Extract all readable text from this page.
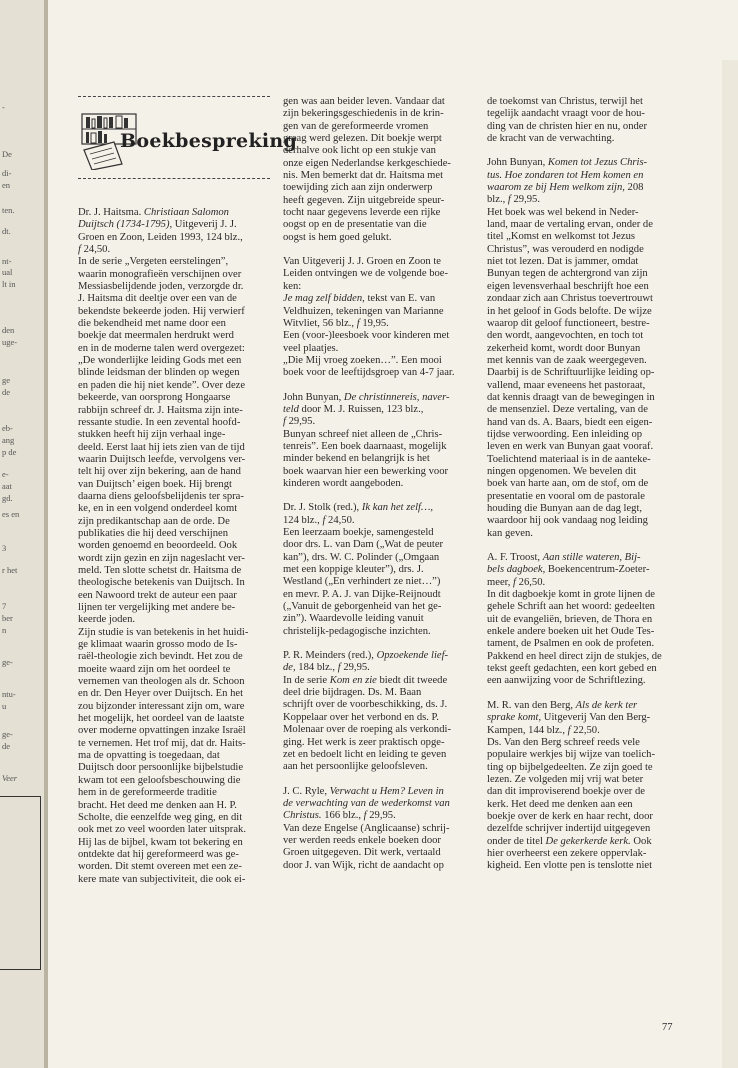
-
De
di-
en
ten.
dt.
nt-
ual
lt in
den
uge-
ge
de
eb-
ang
p de
e-
aat
gd.
es en
3
r het
7
ber
n
ge-
ntu-
u
ge-
de
Veer
Boekbespreking

Dr. J. Haitsma. Christiaan Salomon
Duijtsch (1734-1795), Uitgeverij J. J.
Groen en Zoon, Leiden 1993, 124 blz.,
f 24,50.
In de serie „Vergeten eerstelingen”,
waarin monografieën verschijnen over
Messiasbelijdende joden, verzorgde dr.
J. Haitsma dit deeltje over een van de
bekendste bekeerde joden. Hij verwierf
die bekendheid met name door een
boekje dat meermalen herdrukt werd
en in de moderne talen werd overgezet:
„De wonderlijke leiding Gods met een
blinde leidsman der blinden op wegen
en paden die hij niet kende”. Over deze
bekeerde, van oorsprong Hongaarse
rabbijn schreef dr. J. Haitsma zijn inte-
ressante studie. In een zevental hoofd-
stukken heeft hij zijn verhaal inge-
deeld. Eerst laat hij iets zien van de tijd
waarin Duijtsch leefde, vervolgens ver-
telt hij over zijn bekering, aan de hand
van Duijtsch’ eigen boek. Hij brengt
daarna diens geloofsbelijdenis ter spra-
ke, en in een volgend onderdeel komt
zijn predikantschap aan de orde. De
publikaties die hij deed verschijnen
worden genoemd en beoordeeld. Ook
wordt zijn gezin en zijn nageslacht ver-
meld. Ten slotte schetst dr. Haitsma de
theologische betekenis van Duijtsch. In
een Nawoord trekt de auteur een paar
lijnen ter vergelijking met andere be-
keerde joden.
Zijn studie is van betekenis in het huidi-
ge klimaat waarin grosso modo de Is-
raël-theologie zich bevindt. Het zou de
moeite waard zijn om het oordeel te
vernemen van theologen als dr. Schoon
en dr. Den Heyer over Duijtsch. En het
zou bijzonder interessant zijn om, ware
het mogelijk, het oordeel van de laatste
over moderne opvattingen inzake Israël
te vernemen. Het trof mij, dat dr. Haits-
ma de opvatting is toegedaan, dat
Duijtsch door persoonlijke bijbelstudie
kwam tot een geloofsbeschouwing die
hem in de gereformeerde traditie
bracht. Het deed me denken aan H. P.
Scholte, die eenzelfde weg ging, en dit
ook met zo veel woorden later uitsprak.
Hij las de bijbel, kwam tot bekering en
ontdekte dat hij gereformeerd was ge-
worden. Dit stemt overeen met een ze-
kere mate van subjectiviteit, die ook ei-

gen was aan beider leven. Vandaar dat
zijn bekeringsgeschiedenis in de krin-
gen van de gereformeerde vromen
graag werd gelezen. Dit boekje werpt
derhalve ook licht op een stukje van
onze eigen Nederlandse kerkgeschiede-
nis. Men bemerkt dat dr. Haitsma met
toewijding zich aan zijn onderwerp
heeft gegeven. Zijn uitgebreide speur-
tocht naar gegevens leverde een rijke
oogst op en de presentatie van die
oogst is hem goed gelukt.

Van Uitgeverij J. J. Groen en Zoon te
Leiden ontvingen we de volgende boe-
ken:
Je mag zelf bidden, tekst van E. van
Veldhuizen, tekeningen van Marianne
Witvliet, 56 blz., f 19,95.
Een (voor-)leesboek voor kinderen met
veel plaatjes.
„Die Mij vroeg zoeken…”. Een mooi
boek voor de leeftijdsgroep van 4-7 jaar.

John Bunyan, De christinnereis, naver-
teld door M. J. Ruissen, 123 blz.,
f 29,95.
Bunyan schreef niet alleen de „Chris-
tenreis”. Een boek daarnaast, mogelijk
minder bekend en belangrijk is het
boek waarvan hier een bewerking voor
kinderen wordt aangeboden.

Dr. J. Stolk (red.), Ik kan het zelf…,
124 blz., f 24,50.
Een leerzaam boekje, samengesteld
door drs. L. van Dam („Wat de peuter
kan”), drs. W. C. Polinder („Omgaan
met een koppige kleuter”), drs. J.
Westland („En verhindert ze niet…”)
en mevr. P. A. J. van Dijke-Reijnoudt
(„Vanuit de geborgenheid van het ge-
zin”). Waardevolle leiding vanuit
christelijk-pedagogische inzichten.

P. R. Meinders (red.), Opzoekende lief-
de, 184 blz., f 29,95.
In de serie Kom en zie biedt dit tweede
deel drie bijdragen. Ds. M. Baan
schrijft over de voorbeschikking, ds. J.
Koppelaar over het verbond en ds. P.
Molenaar over de roeping als verkondi-
ging. Het werk is zeer praktisch opge-
zet en bedoelt licht en leiding te geven
aan het persoonlijke geloofsleven.

J. C. Ryle, Verwacht u Hem? Leven in
de verwachting van de wederkomst van
Christus. 166 blz., f 29,95.
Van deze Engelse (Anglicaanse) schrij-
ver werden reeds enkele boeken door
Groen uitgegeven. Dit werk, vertaald
door J. van Wijk, richt de aandacht op

de toekomst van Christus, terwijl het
tegelijk aandacht vraagt voor de hou-
ding van de christen hier en nu, onder
de kracht van de verwachting.

John Bunyan, Komen tot Jezus Chris-
tus. Hoe zondaren tot Hem komen en
waarom ze bij Hem welkom zijn, 208
blz., f 29,95.
Het boek was wel bekend in Neder-
land, maar de vertaling ervan, onder de
titel „Komst en welkomst tot Jezus
Christus”, was verouderd en nodigde
niet tot lezen. Dat is jammer, omdat
Bunyan tegen de achtergrond van zijn
eigen levensverhaal beschrijft hoe een
zondaar zich aan Christus toevertrouwt
in het geloof in Gods belofte. De wijze
waarop dit geloof functioneert, bestre-
den wordt, aangevochten, en toch tot
zekerheid komt, wordt door Bunyan
met kennis van de zaak weergegeven.
Daarbij is de Schriftuurlijke leiding op-
vallend, maar eveneens het pastoraat,
dat kennis draagt van de bewegingen in
de mensenziel. Deze vertaling, van de
hand van ds. A. Baars, biedt een eigen-
tijdse verwoording. Een inleiding op
leven en werk van Bunyan gaat vooraf.
Toelichtend materiaal is in de aanteke-
ningen opgenomen. We bevelen dit
boek van harte aan, om de stof, om de
presentatie en vooral om de pastorale
houding die Bunyan aan de dag legt,
waardoor hij ook vandaag nog leiding
kan geven.

A. F. Troost, Aan stille wateren, Bij-
bels dagboek, Boekencentrum-Zoeter-
meer, f 26,50.
In dit dagboekje komt in grote lijnen de
gehele Schrift aan het woord: gedeelten
uit de evangeliën, brieven, de Thora en
enkele andere boeken uit het Oude Tes-
tament, de Psalmen en ook de profeten.
Pakkend en heel direct zijn de stukjes, de
tekst geeft gedachten, een kort gebed en
een aanwijzing voor de Schriftlezing.

M. R. van den Berg, Als de kerk ter
sprake komt, Uitgeverij Van den Berg-
Kampen, 144 blz., f 22,50.
Ds. Van den Berg schreef reeds vele
populaire werkjes bij wijze van toelich-
ting op bijbelgedeelten. Ze zijn goed te
lezen. Ze volgeden mij vrij wat beter
dan dit improviserend boekje over de
kerk. Het deed me denken aan een
boekje over de kerk en haar recht, door
dezelfde schrijver indertijd uitgegeven
onder de titel De gekerkerde kerk. Ook
hier overheerst een zekere oppervlak-
kigheid. Een vlotte pen is tenslotte niet

77
